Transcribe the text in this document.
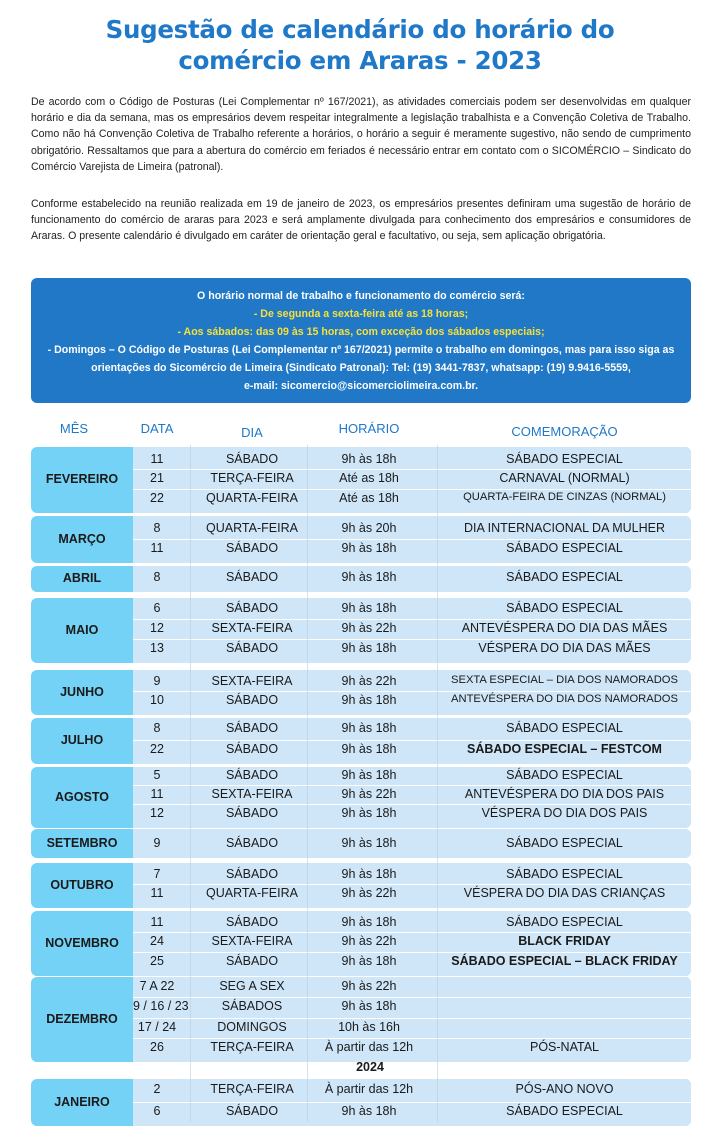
Sugestão de calendário do horário do
comércio em Araras - 2023

De acordo com o Código de Posturas (Lei Complementar nº 167/2021), as atividades comerciais podem ser desenvolvidas em qualquer horário e dia da semana, mas os empresários devem respeitar integralmente a legislação trabalhista e a Convenção Coletiva de Trabalho. Como não há Convenção Coletiva de Trabalho referente a horários, o horário a seguir é meramente sugestivo, não sendo de cumprimento obrigatório. Ressaltamos que para a abertura do comércio em feriados é necessário entrar em contato com o SICOMÉRCIO – Sindicato do Comércio Varejista de Limeira (patronal).

Conforme estabelecido na reunião realizada em 19 de janeiro de 2023, os empresários presentes definiram uma sugestão de horário de funcionamento do comércio de araras para 2023 e será amplamente divulgada para conhecimento dos empresários e consumidores de Araras. O presente calendário é divulgado em caráter de orientação geral e facultativo, ou seja, sem aplicação obrigatória.

O horário normal de trabalho e funcionamento do comércio será:
- De segunda a sexta-feira até as 18 horas;
- Aos sábados: das 09 às 15 horas, com exceção dos sábados especiais;
- Domingos – O Código de Posturas (Lei Complementar nº 167/2021) permite o trabalho em domingos, mas para isso siga as
orientações do Sicomércio de Limeira (Sindicato Patronal): Tel: (19) 3441-7837, whatsapp: (19) 9.9416-5559,
e-mail: sicomercio@sicomerciolimeira.com.br.
MÊS	DATA	DIA	HORÁRIO	COMEMORAÇÃO
FEVEREIRO
11	SÁBADO	9h às 18h	SÁBADO ESPECIAL
21	TERÇA-FEIRA	Até as 18h	CARNAVAL (NORMAL)
22	QUARTA-FEIRA	Até as 18h	QUARTA-FEIRA DE CINZAS (NORMAL)
MARÇO
8	QUARTA-FEIRA	9h às 20h	DIA INTERNACIONAL DA MULHER
11	SÁBADO	9h às 18h	SÁBADO ESPECIAL
ABRIL	8	SÁBADO	9h às 18h	SÁBADO ESPECIAL
MAIO
6	SÁBADO	9h às 18h	SÁBADO ESPECIAL
12	SEXTA-FEIRA	9h às 22h	ANTEVÉSPERA DO DIA DAS MÃES
13	SÁBADO	9h às 18h	VÉSPERA DO DIA DAS MÃES
JUNHO
9	SEXTA-FEIRA	9h às 22h	SEXTA ESPECIAL – DIA DOS NAMORADOS
10	SÁBADO	9h às 18h	ANTEVÉSPERA DO DIA DOS NAMORADOS
JULHO
8	SÁBADO	9h às 18h	SÁBADO ESPECIAL
22	SÁBADO	9h às 18h	SÁBADO ESPECIAL – FESTCOM
AGOSTO
5	SÁBADO	9h às 18h	SÁBADO ESPECIAL
11	SEXTA-FEIRA	9h às 22h	ANTEVÉSPERA DO DIA DOS PAIS
12	SÁBADO	9h às 18h	VÉSPERA DO DIA DOS PAIS
SETEMBRO	9	SÁBADO	9h às 18h	SÁBADO ESPECIAL
OUTUBRO
7	SÁBADO	9h às 18h	SÁBADO ESPECIAL
11	QUARTA-FEIRA	9h às 22h	VÉSPERA DO DIA DAS CRIANÇAS
NOVEMBRO
11	SÁBADO	9h às 18h	SÁBADO ESPECIAL
24	SEXTA-FEIRA	9h às 22h	BLACK FRIDAY
25	SÁBADO	9h às 18h	SÁBADO ESPECIAL – BLACK FRIDAY
DEZEMBRO
7 A 22	SEG A SEX	9h às 22h
9 / 16 / 23	SÁBADOS	9h às 18h
17 / 24	DOMINGOS	10h às 16h
26	TERÇA-FEIRA	À partir das 12h	PÓS-NATAL
JANEIRO
2	TERÇA-FEIRA	À partir das 12h	PÓS-ANO NOVO
6	SÁBADO	9h às 18h	SÁBADO ESPECIAL
2024
